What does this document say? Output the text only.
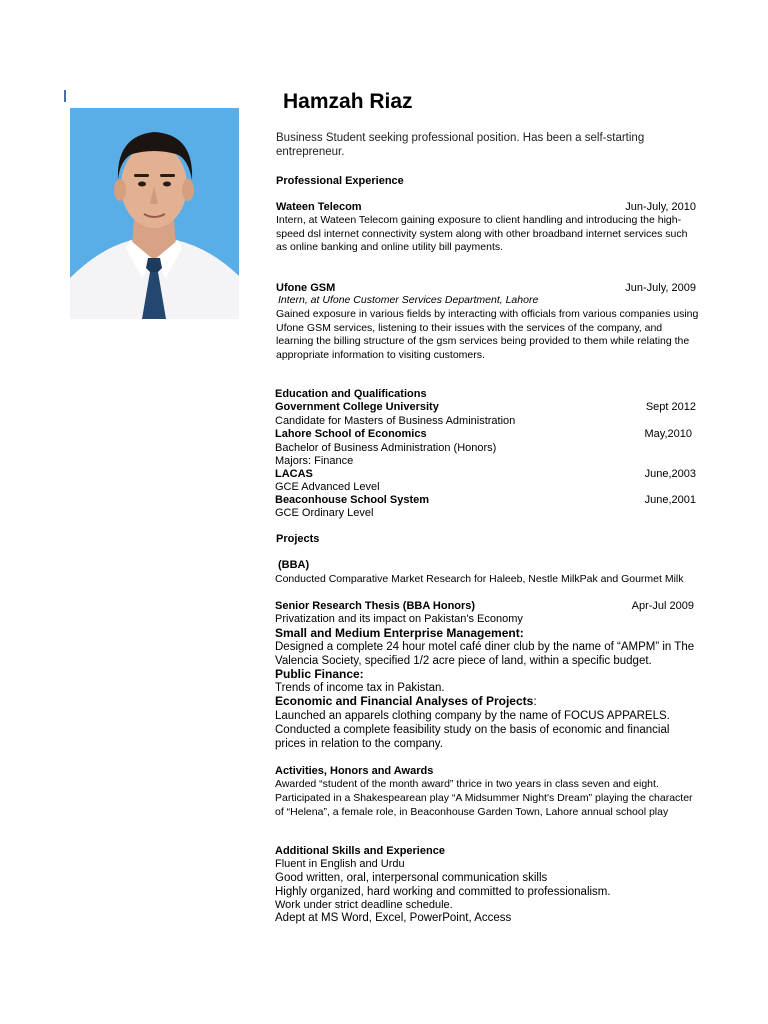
Hamzah Riaz
Business Student seeking professional position. Has been a self-starting entrepreneur.
Professional Experience
Wateen Telecom	Jun-July, 2010
Intern, at Wateen Telecom gaining exposure to client handling and introducing the high-speed dsl internet connectivity system along with other broadband internet services such as online banking and online utility bill payments.
Ufone GSM	Jun-July, 2009
Intern, at Ufone Customer Services Department, Lahore
Gained exposure in various fields by interacting with officials from various companies using Ufone GSM services, listening to their issues with the services of the company, and learning the billing structure of the gsm services being provided to them while relating the appropriate information to visiting customers.
Education and Qualifications
Government College University	Sept 2012
Candidate for Masters of Business Administration
Lahore School of Economics	May,2010
Bachelor of Business Administration (Honors)
Majors: Finance
LACAS	June,2003
GCE Advanced Level
Beaconhouse School System	June,2001
GCE Ordinary Level
Projects
(BBA)
Conducted Comparative Market Research for Haleeb, Nestle MilkPak and Gourmet Milk
Senior Research Thesis (BBA Honors)	Apr-Jul 2009
Privatization and its impact on Pakistan's Economy
Small and Medium Enterprise Management:
Designed a complete 24 hour motel café diner club by the name of “AMPM” in The Valencia Society, specified 1/2 acre piece of land, within a specific budget.
Public Finance:
Trends of income tax in Pakistan.
Economic and Financial Analyses of Projects:
Launched an apparels clothing company by the name of FOCUS APPARELS. Conducted a complete feasibility study on the basis of economic and financial prices in relation to the company.
Activities, Honors and Awards
Awarded “student of the month award” thrice in two years in class seven and eight.
Participated in a Shakespearean play “A Midsummer Night's Dream” playing the character of “Helena”, a female role, in Beaconhouse Garden Town, Lahore annual school play
Additional Skills and Experience
Fluent in English and Urdu
Good written, oral, interpersonal communication skills
Highly organized, hard working and committed to professionalism.
Work under strict deadline schedule.
Adept at MS Word, Excel, PowerPoint, Access
